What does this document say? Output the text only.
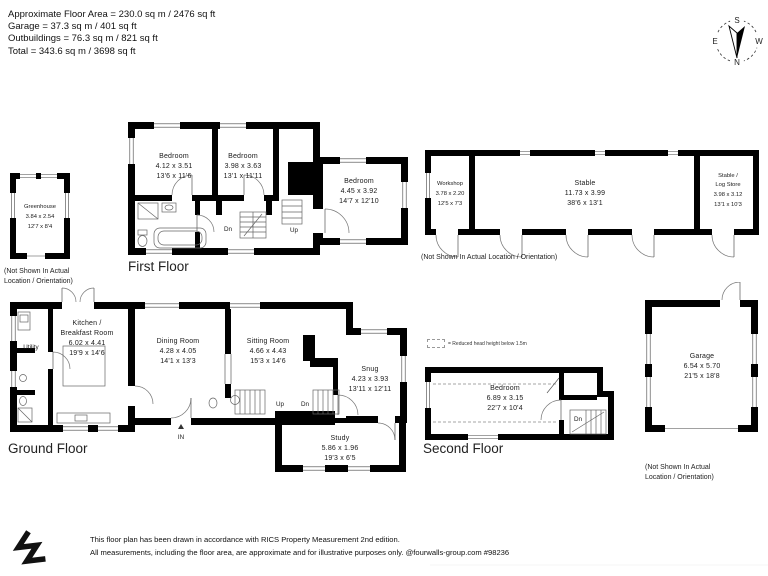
Approximate Floor Area = 230.0 sq m / 2476 sq ft
Garage = 37.3 sq m / 401 sq ft
Outbuildings = 76.3 sq m / 821 sq ft
Total = 343.6 sq m / 3698 sq ft
S
E	W
N
Bedroom
4.12 x 3.51
13'6 x 11'6
Bedroom
3.98 x 3.63
13'1 x 11'11
Bedroom
4.45 x 3.92
14'7 x 12'10
Dn	Up
First Floor
Greenhouse
3.84 x 2.54
12'7 x 8'4
(Not Shown In Actual
Location / Orientation)
Workshop
3.78 x 2.20
12'5 x 7'3
Stable
11.73 x 3.99
38'6 x 13'1
Stable /
Log Store
3.98 x 3.12
13'1 x 10'3
(Not Shown In Actual Location / Orientation)
Utility
Kitchen /
Breakfast Room
6.02 x 4.41
19'9 x 14'6
Dining Room
4.28 x 4.05
14'1 x 13'3
Sitting Room
4.66 x 4.43
15'3 x 14'6
Snug
4.23 x 3.93
13'11 x 12'11
Study
5.86 x 1.96
19'3 x 6'5
Up	Dn
IN
Ground Floor
= Reduced head height below 1.5m
Bedroom
6.89 x 3.15
22'7 x 10'4
Dn
Second Floor
Garage
6.54 x 5.70
21'5 x 18'8
(Not Shown In Actual
Location / Orientation)
This floor plan has been drawn in accordance with RICS Property Measurement 2nd edition.
All measurements, including the floor area, are approximate and for illustrative purposes only. @fourwalls-group.com #98236
